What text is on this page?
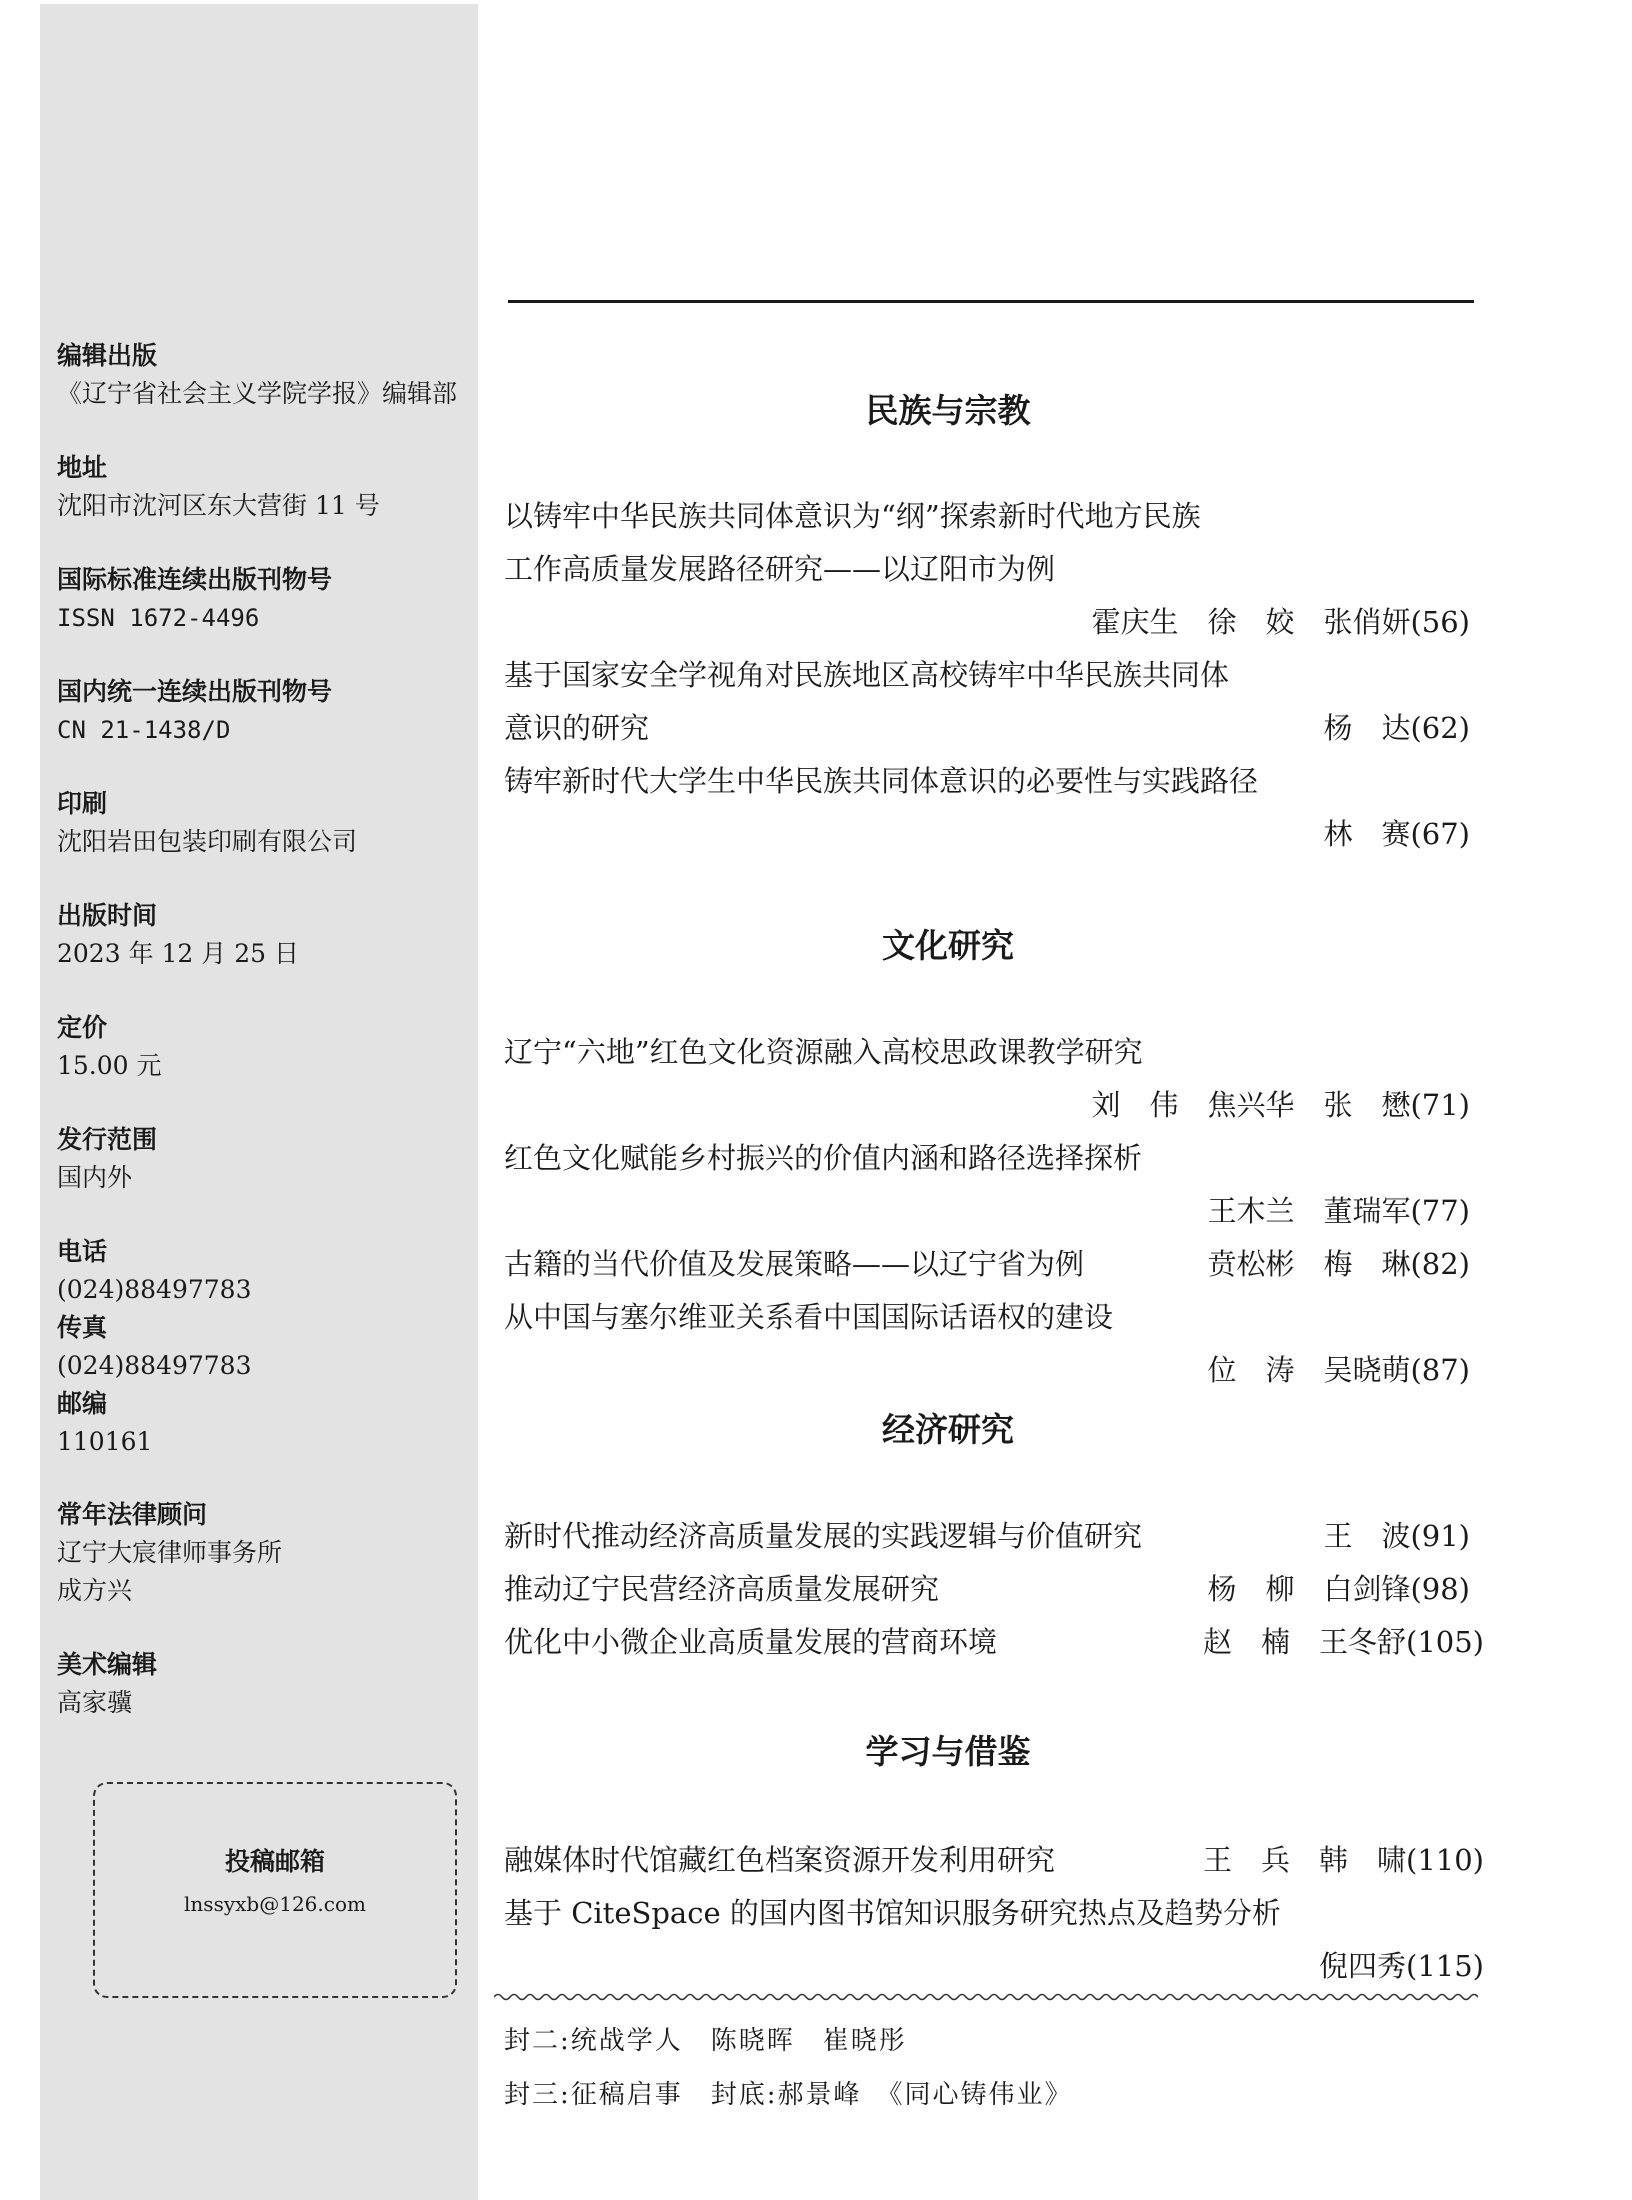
编辑出版
《辽宁省社会主义学院学报》编辑部
地址
沈阳市沈河区东大营街 11 号
国际标准连续出版刊物号
ISSN 1672-4496
国内统一连续出版刊物号
CN 21-1438/D
印刷
沈阳岩田包装印刷有限公司
出版时间
2023 年 12 月 25 日
定价
15.00 元
发行范围
国内外
电话
(024)88497783
传真
(024)88497783
邮编
110161
常年法律顾问
辽宁大宸律师事务所
成方兴
美术编辑
高家骥
投稿邮箱
lnssyxb@126.com
民族与宗教
以铸牢中华民族共同体意识为“纲”探索新时代地方民族
工作高质量发展路径研究——以辽阳市为例
霍庆生　徐　姣　张俏妍(56)
基于国家安全学视角对民族地区高校铸牢中华民族共同体
意识的研究	杨　达(62)
铸牢新时代大学生中华民族共同体意识的必要性与实践路径
林　赛(67)
文化研究
辽宁“六地”红色文化资源融入高校思政课教学研究
刘　伟　焦兴华　张　懋(71)
红色文化赋能乡村振兴的价值内涵和路径选择探析
王木兰　董瑞军(77)
古籍的当代价值及发展策略——以辽宁省为例	贲松彬　梅　琳(82)
从中国与塞尔维亚关系看中国国际话语权的建设
位　涛　吴晓萌(87)
经济研究
新时代推动经济高质量发展的实践逻辑与价值研究	王　波(91)
推动辽宁民营经济高质量发展研究	杨　柳　白剑锋(98)
优化中小微企业高质量发展的营商环境	赵　楠　王冬舒(105)
学习与借鉴
融媒体时代馆藏红色档案资源开发利用研究	王　兵　韩　啸(110)
基于 CiteSpace 的国内图书馆知识服务研究热点及趋势分析
倪四秀(115)
封二:统战学人　陈晓晖　崔晓彤
封三:征稿启事　封底:郝景峰　《同心铸伟业》
